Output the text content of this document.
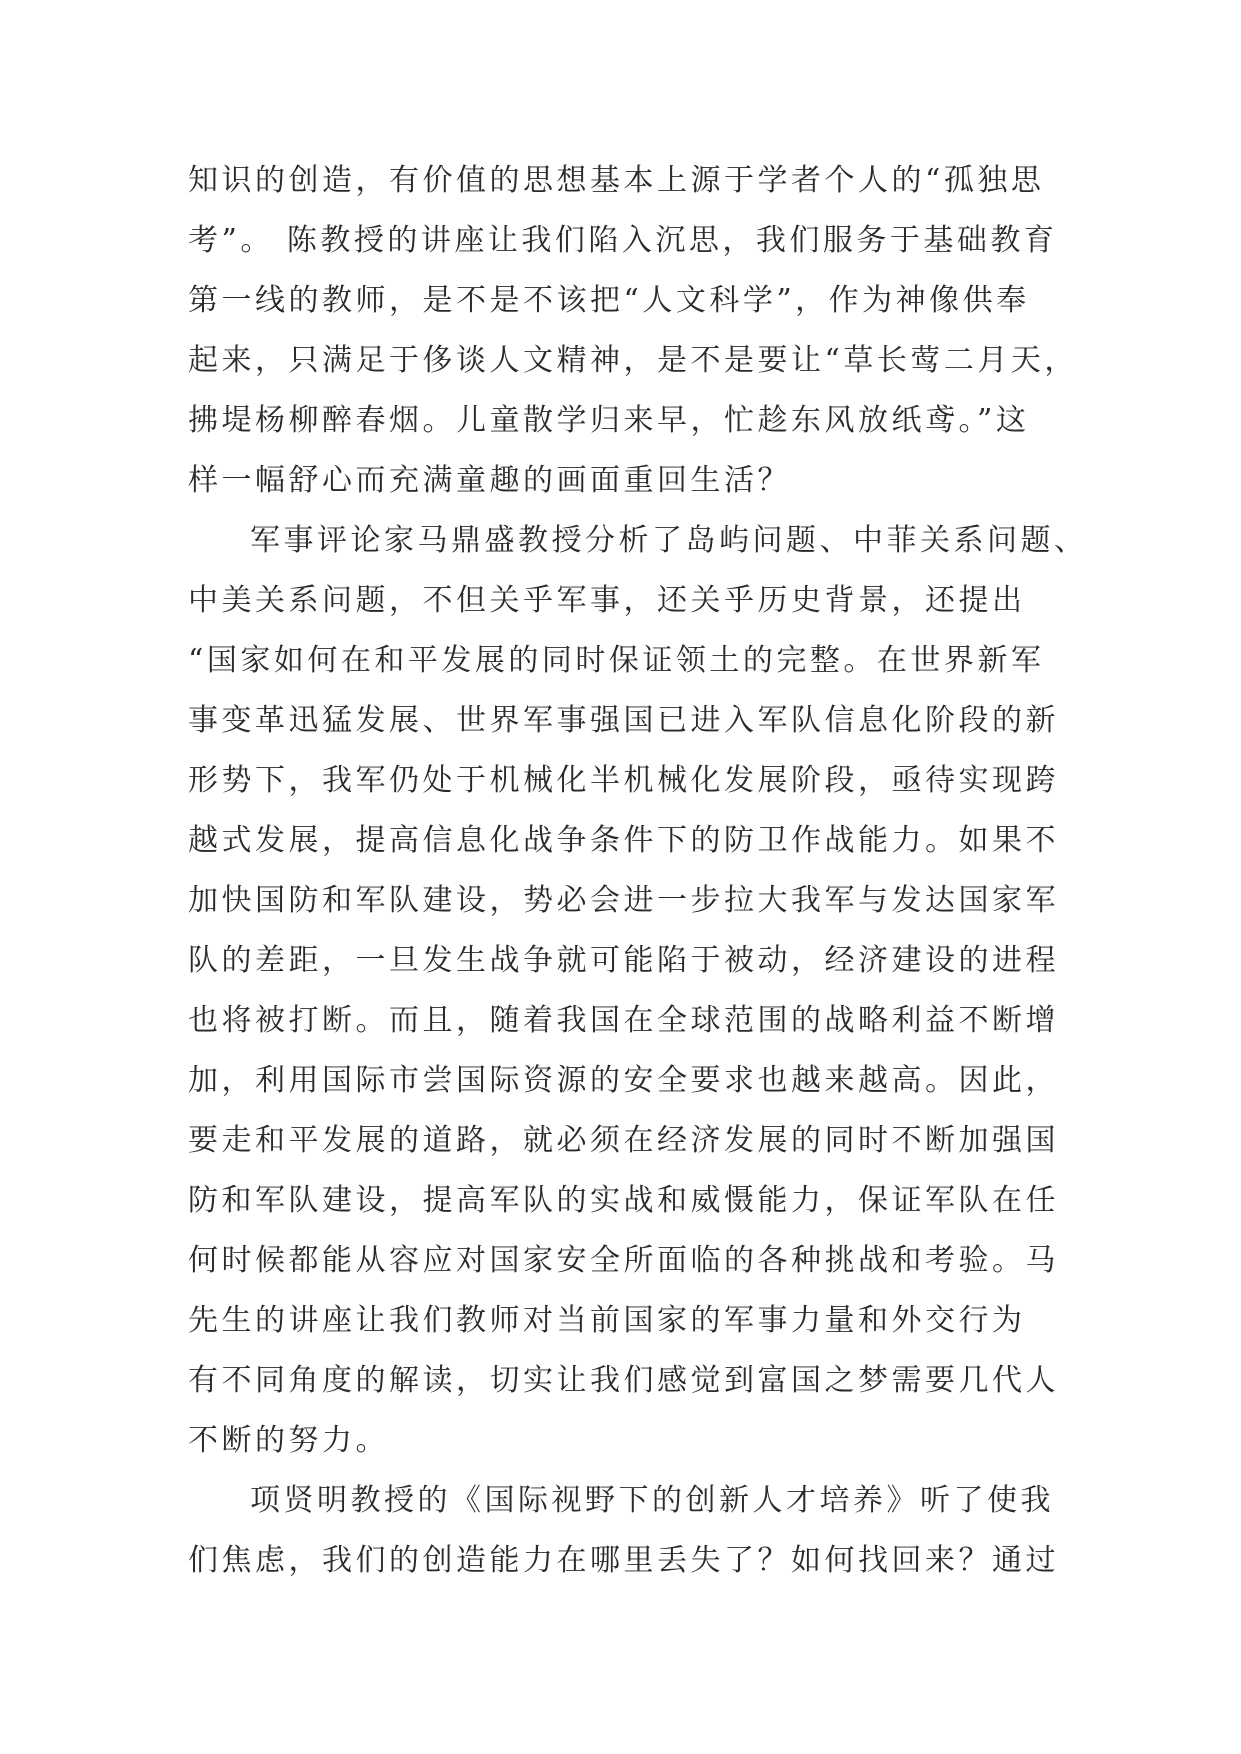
知识的创造，有价值的思想基本上源于学者个人的“孤独思
考”。 陈教授的讲座让我们陷入沉思，我们服务于基础教育
第一线的教师，是不是不该把“人文科学”，作为神像供奉
起来，只满足于侈谈人文精神，是不是要让“草长莺二月天，
拂堤杨柳醉春烟。儿童散学归来早，忙趁东风放纸鸢。”这
样一幅舒心而充满童趣的画面重回生活？

军事评论家马鼎盛教授分析了岛屿问题、中菲关系问题、
中美关系问题，不但关乎军事，还关乎历史背景，还提出
“国家如何在和平发展的同时保证领土的完整。在世界新军
事变革迅猛发展、世界军事强国已进入军队信息化阶段的新
形势下，我军仍处于机械化半机械化发展阶段，亟待实现跨
越式发展，提高信息化战争条件下的防卫作战能力。如果不
加快国防和军队建设，势必会进一步拉大我军与发达国家军
队的差距，一旦发生战争就可能陷于被动，经济建设的进程
也将被打断。而且，随着我国在全球范围的战略利益不断增
加，利用国际市尝国际资源的安全要求也越来越高。因此，
要走和平发展的道路，就必须在经济发展的同时不断加强国
防和军队建设，提高军队的实战和威慑能力，保证军队在任
何时候都能从容应对国家安全所面临的各种挑战和考验。马
先生的讲座让我们教师对当前国家的军事力量和外交行为
有不同角度的解读，切实让我们感觉到富国之梦需要几代人
不断的努力。

项贤明教授的《国际视野下的创新人才培养》听了使我
们焦虑，我们的创造能力在哪里丢失了？如何找回来？通过
